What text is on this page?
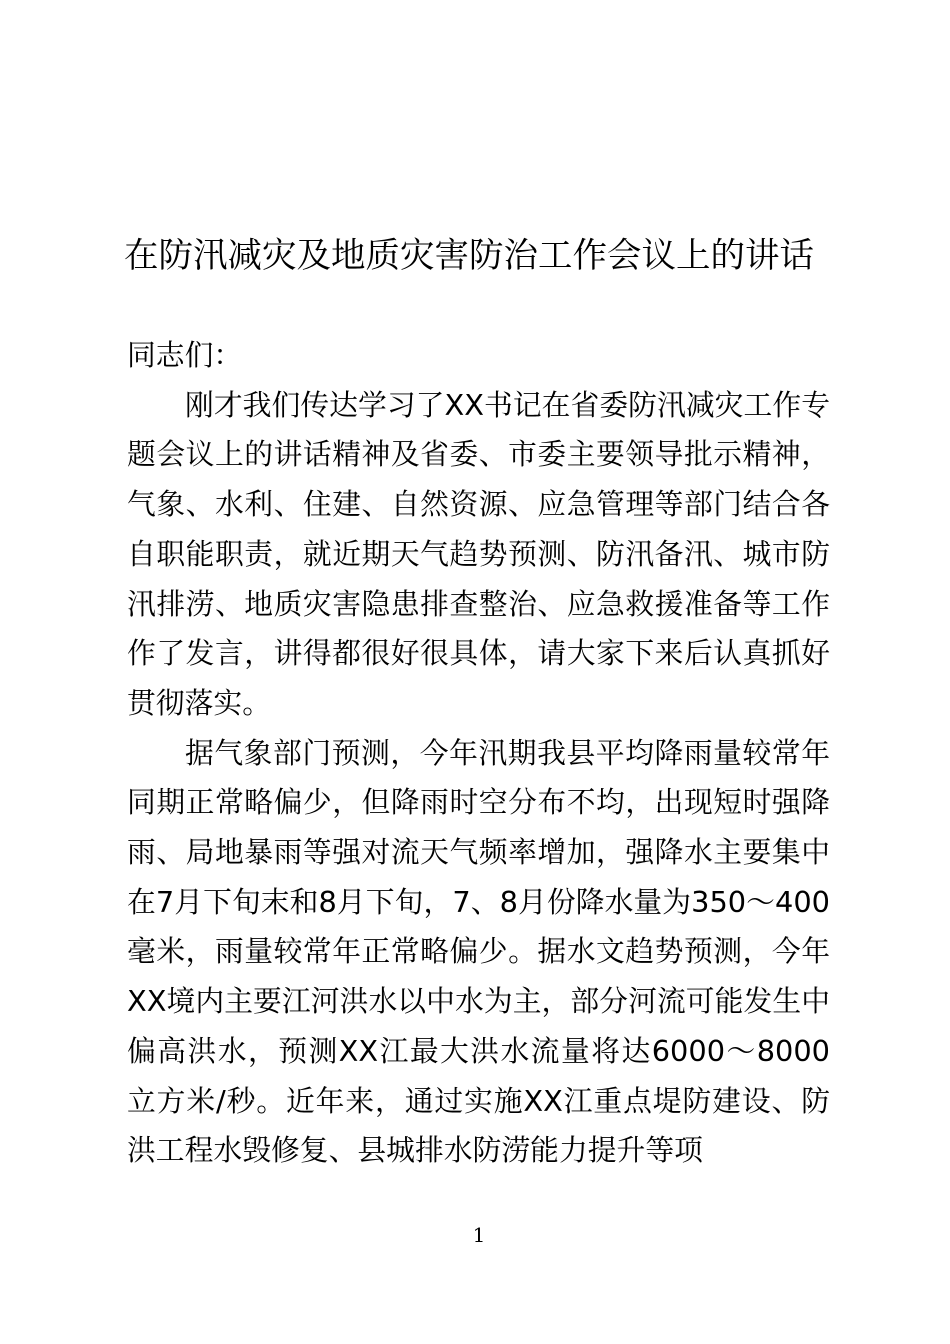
在防汛减灾及地质灾害防治工作会议上的讲话

同志们：

刚才我们传达学习了XX书记在省委防汛减灾工作专题会议上的讲话精神及省委、市委主要领导批示精神，气象、水利、住建、自然资源、应急管理等部门结合各自职能职责，就近期天气趋势预测、防汛备汛、城市防汛排涝、地质灾害隐患排查整治、应急救援准备等工作作了发言，讲得都很好很具体，请大家下来后认真抓好贯彻落实。

据气象部门预测，今年汛期我县平均降雨量较常年同期正常略偏少，但降雨时空分布不均，出现短时强降雨、局地暴雨等强对流天气频率增加，强降水主要集中在7月下旬末和8月下旬，7、8月份降水量为350～400毫米，雨量较常年正常略偏少。据水文趋势预测，今年XX境内主要江河洪水以中水为主，部分河流可能发生中偏高洪水，预测XX江最大洪水流量将达6000～8000立方米/秒。近年来，通过实施XX江重点堤防建设、防洪工程水毁修复、县城排水防涝能力提升等项

1
